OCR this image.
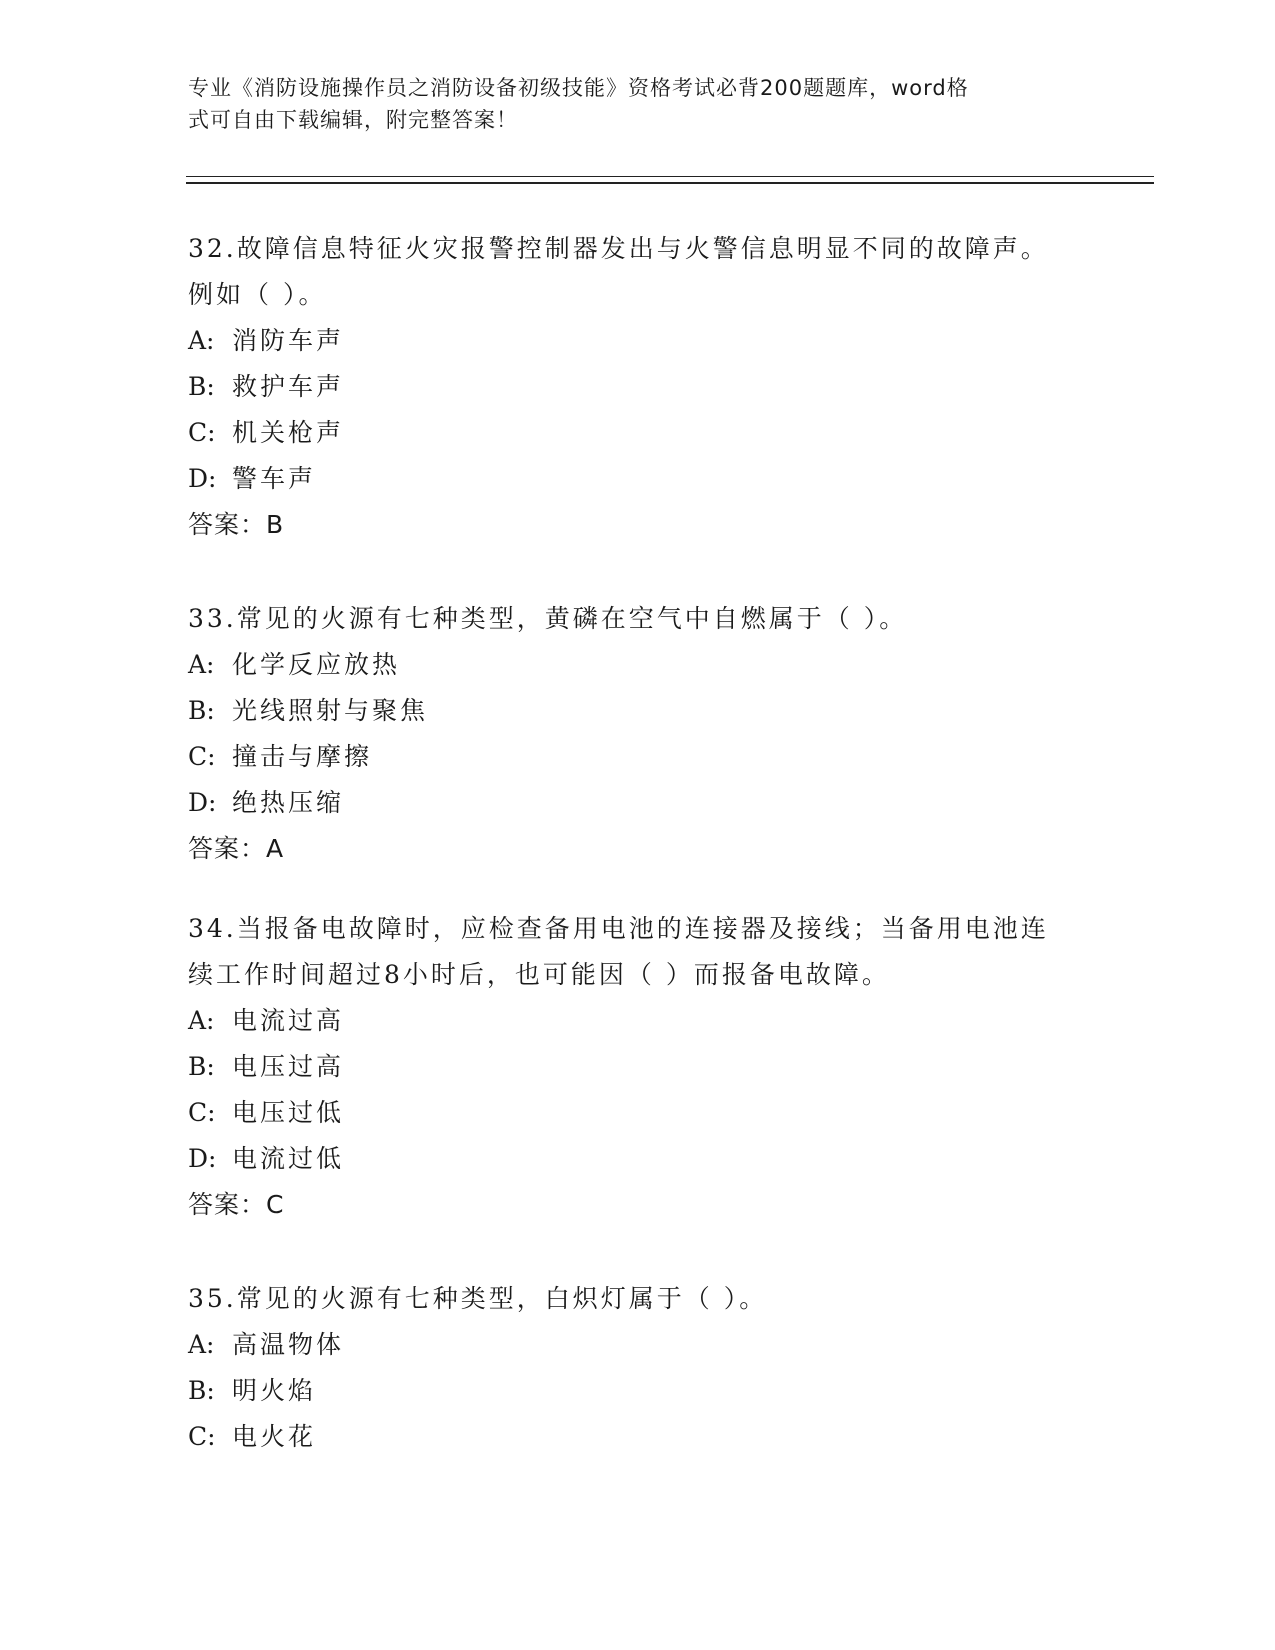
专业《消防设施操作员之消防设备初级技能》资格考试必背200题题库，word格
式可自由下载编辑，附完整答案！
32.故障信息特征火灾报警控制器发出与火警信息明显不同的故障声。
例如（ ）。
A: 消防车声
B: 救护车声
C: 机关枪声
D: 警车声
答案：B
33.常见的火源有七种类型，黄磷在空气中自燃属于（ ）。
A: 化学反应放热
B: 光线照射与聚焦
C: 撞击与摩擦
D: 绝热压缩
答案：A
34.当报备电故障时，应检查备用电池的连接器及接线；当备用电池连
续工作时间超过8小时后，也可能因（ ）而报备电故障。
A: 电流过高
B: 电压过高
C: 电压过低
D: 电流过低
答案：C
35.常见的火源有七种类型，白炽灯属于（ ）。
A: 高温物体
B: 明火焰
C: 电火花
